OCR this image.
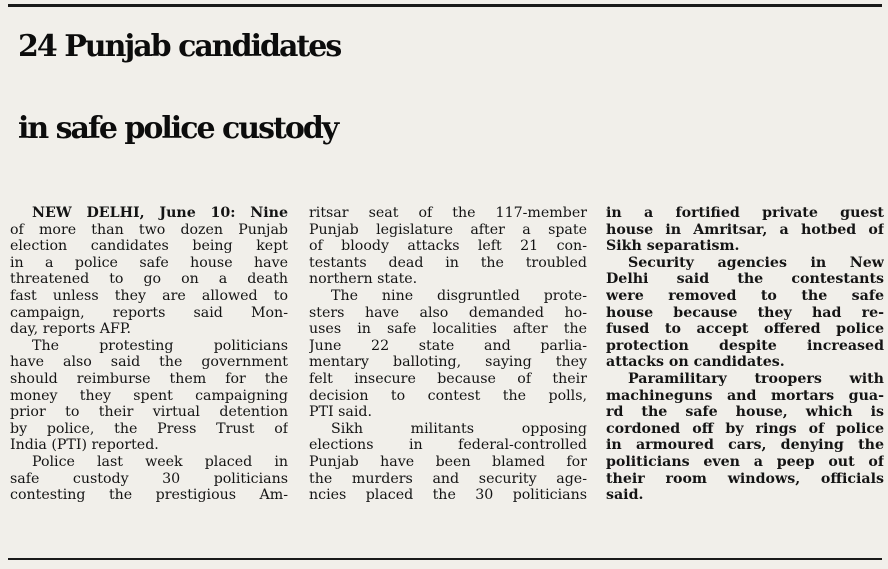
24 Punjab candidates
in safe police custody
NEW DELHI, June 10: Nine
of more than two dozen Punjab
election candidates being kept
in a police safe house have
threatened to go on a death
fast unless they are allowed to
campaign, reports said Mon-
day, reports AFP.
The protesting politicians
have also said the government
should reimburse them for the
money they spent campaigning
prior to their virtual detention
by police, the Press Trust of
India (PTI) reported.
Police last week placed in
safe custody 30 politicians
contesting the prestigious Am-
ritsar seat of the 117-member
Punjab legislature after a spate
of bloody attacks left 21 con-
testants dead in the troubled
northern state.
The nine disgruntled prote-
sters have also demanded ho-
uses in safe localities after the
June 22 state and parlia-
mentary balloting, saying they
felt insecure because of their
decision to contest the polls,
PTI said.
Sikh militants opposing
elections in federal-controlled
Punjab have been blamed for
the murders and security age-
ncies placed the 30 politicians
in a fortified private guest
house in Amritsar, a hotbed of
Sikh separatism.
Security agencies in New
Delhi said the contestants
were removed to the safe
house because they had re-
fused to accept offered police
protection despite increased
attacks on candidates.
Paramilitary troopers with
machineguns and mortars gua-
rd the safe house, which is
cordoned off by rings of police
in armoured cars, denying the
politicians even a peep out of
their room windows, officials
said.
